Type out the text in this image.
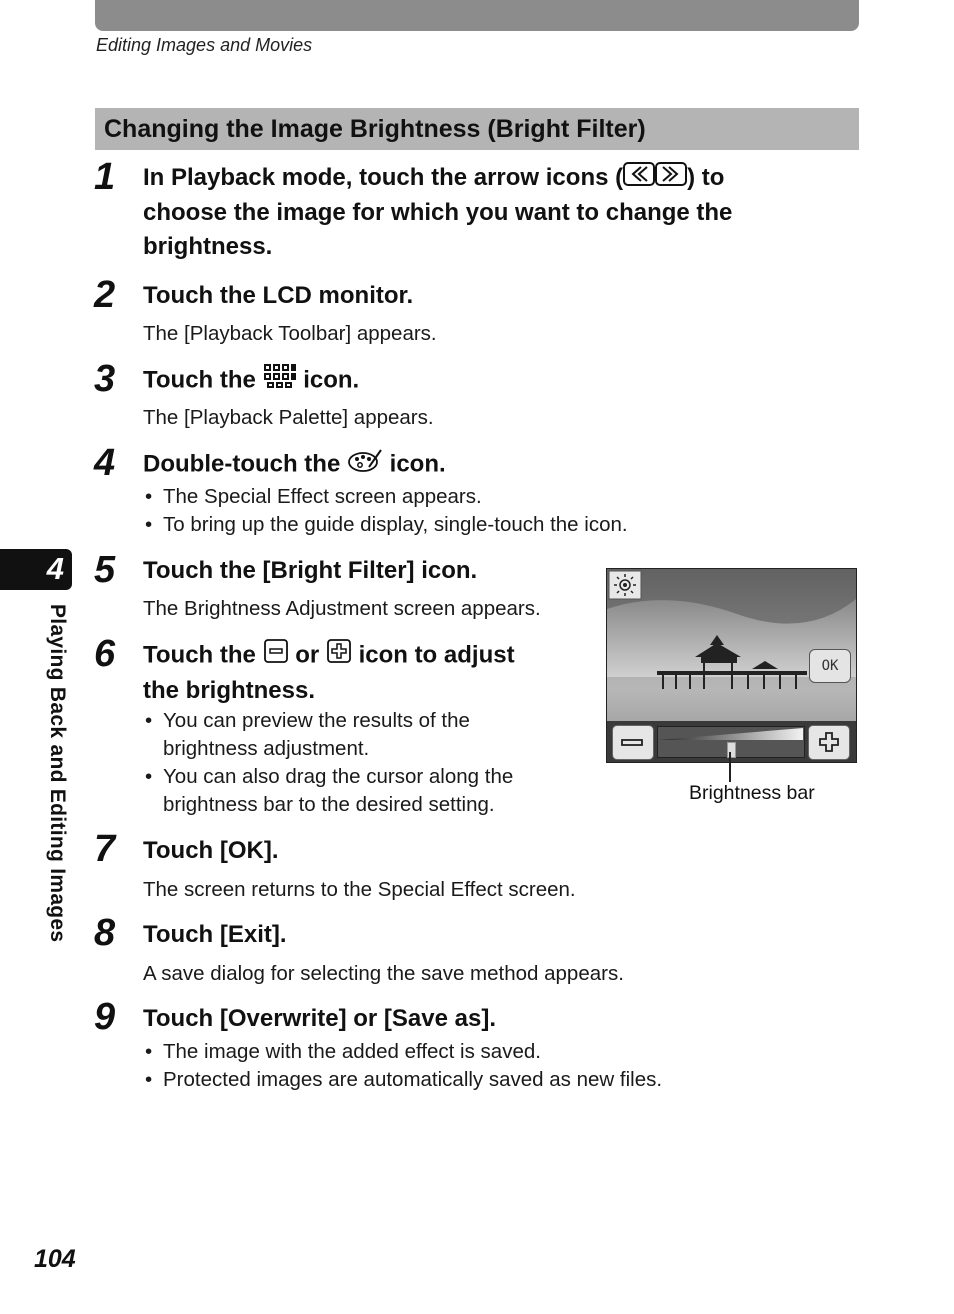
Editing Images and Movies
Changing the Image Brightness (Bright Filter)
4
Playing Back and Editing Images
1 In Playback mode, touch the arrow icons (	) to
choose the image for which you want to change the
brightness.
2 Touch the LCD monitor.
The [Playback Toolbar] appears.
3 Touch the icon.
The [Playback Palette] appears.
4 Double-touch the icon.
• The Special Effect screen appears.
• To bring up the guide display, single-touch the icon.
5 Touch the [Bright Filter] icon.
The Brightness Adjustment screen appears.
6 Touch the or icon to adjust
the brightness.
• You can preview the results of the
brightness adjustment.
• You can also drag the cursor along the
brightness bar to the desired setting.
OK
Brightness bar
7 Touch [OK].
The screen returns to the Special Effect screen.
8 Touch [Exit].
A save dialog for selecting the save method appears.
9 Touch [Overwrite] or [Save as].
• The image with the added effect is saved.
• Protected images are automatically saved as new files.
104
